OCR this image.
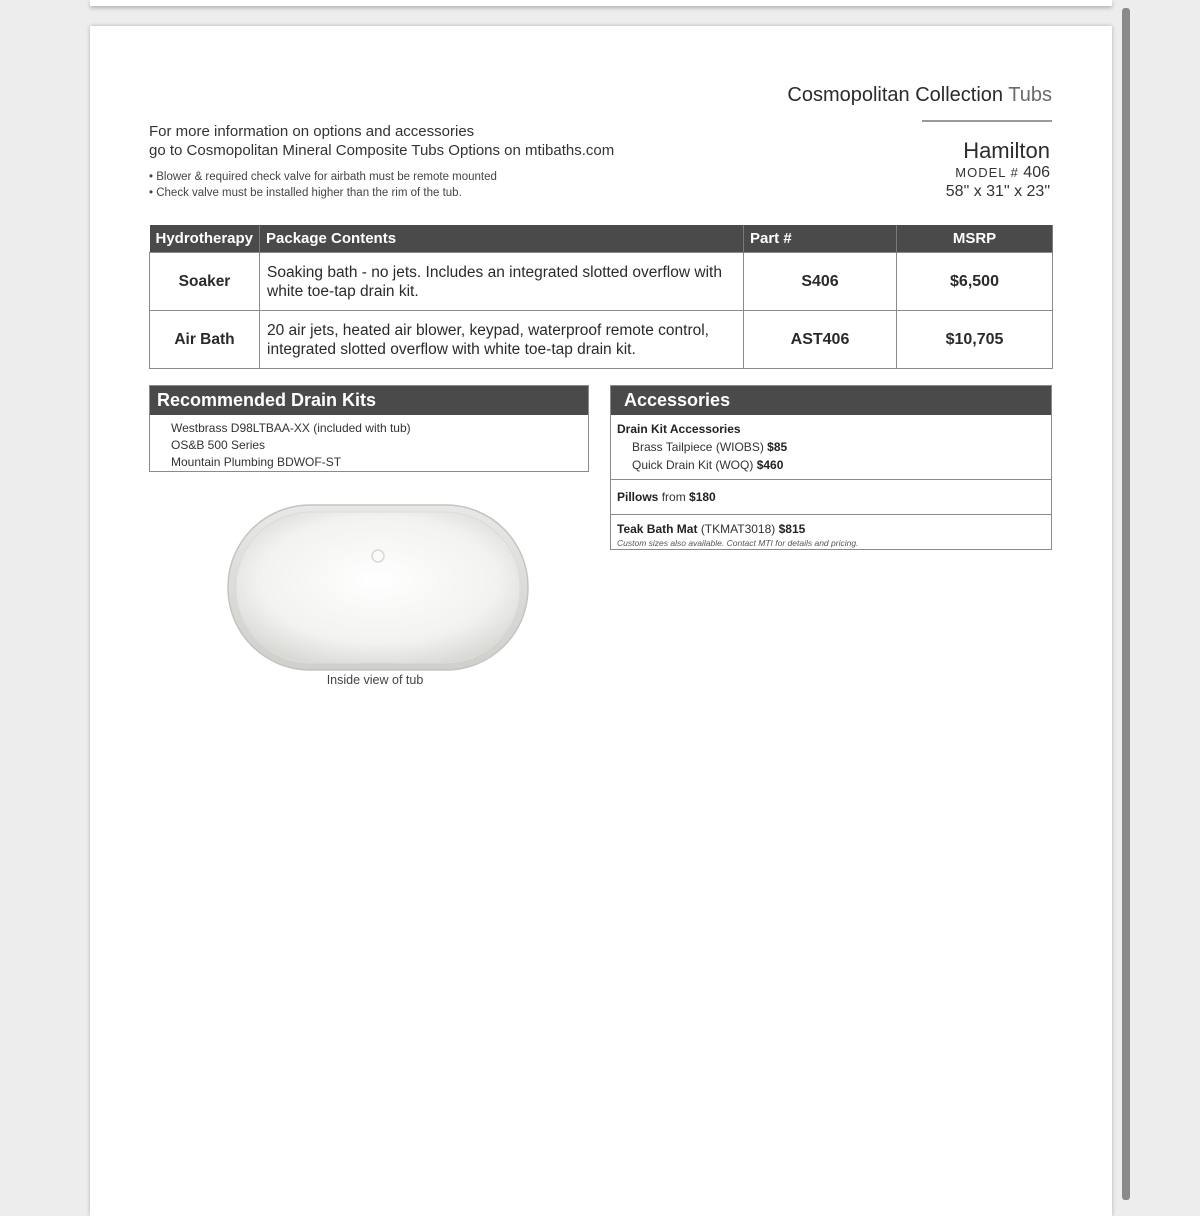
Cosmopolitan Collection Tubs
Hamilton
MODEL # 406
58" x 31" x 23"
For more information on options and accessories
go to Cosmopolitan Mineral Composite Tubs Options on mtibaths.com
• Blower & required check valve for airbath must be remote mounted
• Check valve must be installed higher than the rim of the tub.
Hydrotherapy	Package Contents	Part #	MSRP
Soaker	Soaking bath - no jets. Includes an integrated slotted overflow with white toe-tap drain kit.	S406	$6,500
Air Bath	20 air jets, heated air blower, keypad, waterproof remote control, integrated slotted overflow with white toe-tap drain kit.	AST406	$10,705
Recommended Drain Kits
Westbrass D98LTBAA-XX (included with tub)
OS&B 500 Series
Mountain Plumbing BDWOF-ST
Accessories
Drain Kit Accessories
Brass Tailpiece (WIOBS) $85
Quick Drain Kit (WOQ) $460
Pillows from $180
Teak Bath Mat (TKMAT3018) $815
Custom sizes also available. Contact MTI for details and pricing.
Inside view of tub
